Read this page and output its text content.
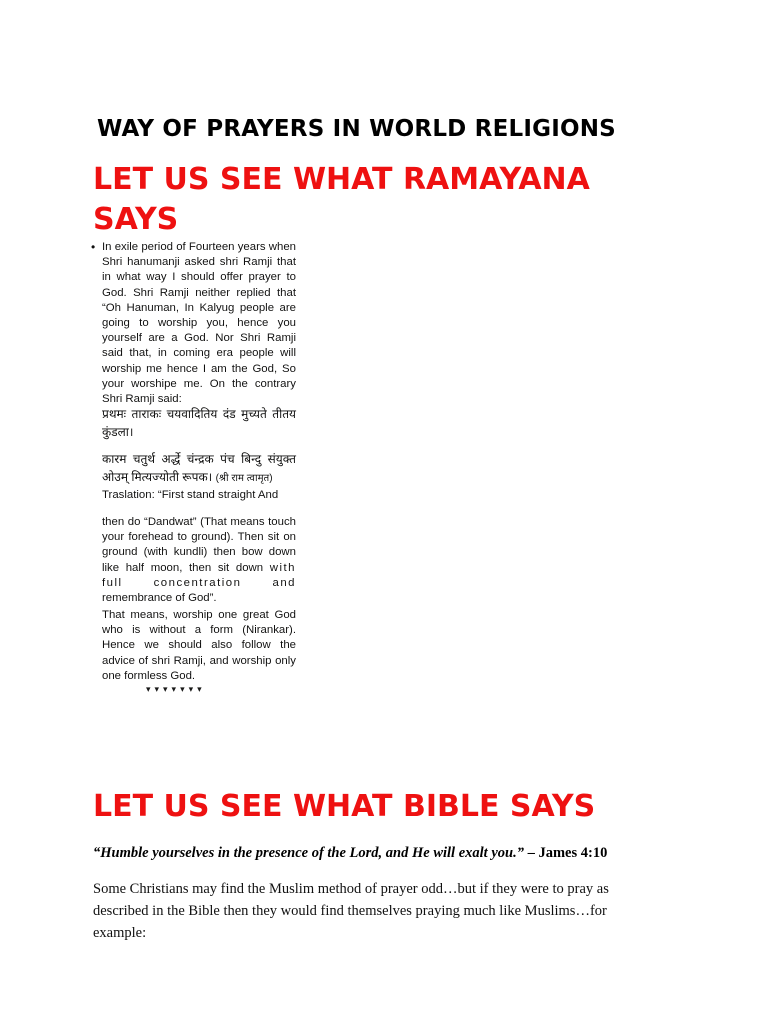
WAY OF PRAYERS IN WORLD RELIGIONS
LET US SEE WHAT RAMAYANA SAYS
• In exile period of Fourteen years when Shri hanumanji asked shri Ramji that in what way I should offer prayer to God. Shri Ramji neither replied that “Oh Hanuman, In Kalyug people are going to worship you, hence you yourself are a God. Nor Shri Ramji said that, in coming era people will worship me hence I am the God, So your worshipe me. On the contrary Shri Ramji said:
प्रथमः ताराकः चयवादितिय दंड मुच्यते तीतय कुंडला।
कारम चतुर्थ अर्द्धे चंन्द्रक पंच बिन्दु संयुक्त ओउम् मित्यज्योती रूपक। (श्री राम त्वामृत)
Traslation: “First stand straight And
then do “Dandwat” (That means touch your forehead to ground). Then sit on ground (with kundli) then bow down like half moon, then sit down with full concentration and remembrance of God”.
That means, worship one great God who is without a form (Nirankar). Hence we should also follow the advice of shri Ramji, and worship only one formless God.
▾▾▾▾▾▾▾
LET US SEE WHAT BIBLE SAYS
“Humble yourselves in the presence of the Lord, and He will exalt you.” – James 4:10
Some Christians may find the Muslim method of prayer odd…but if they were to pray as described in the Bible then they would find themselves praying much like Muslims…for example:
